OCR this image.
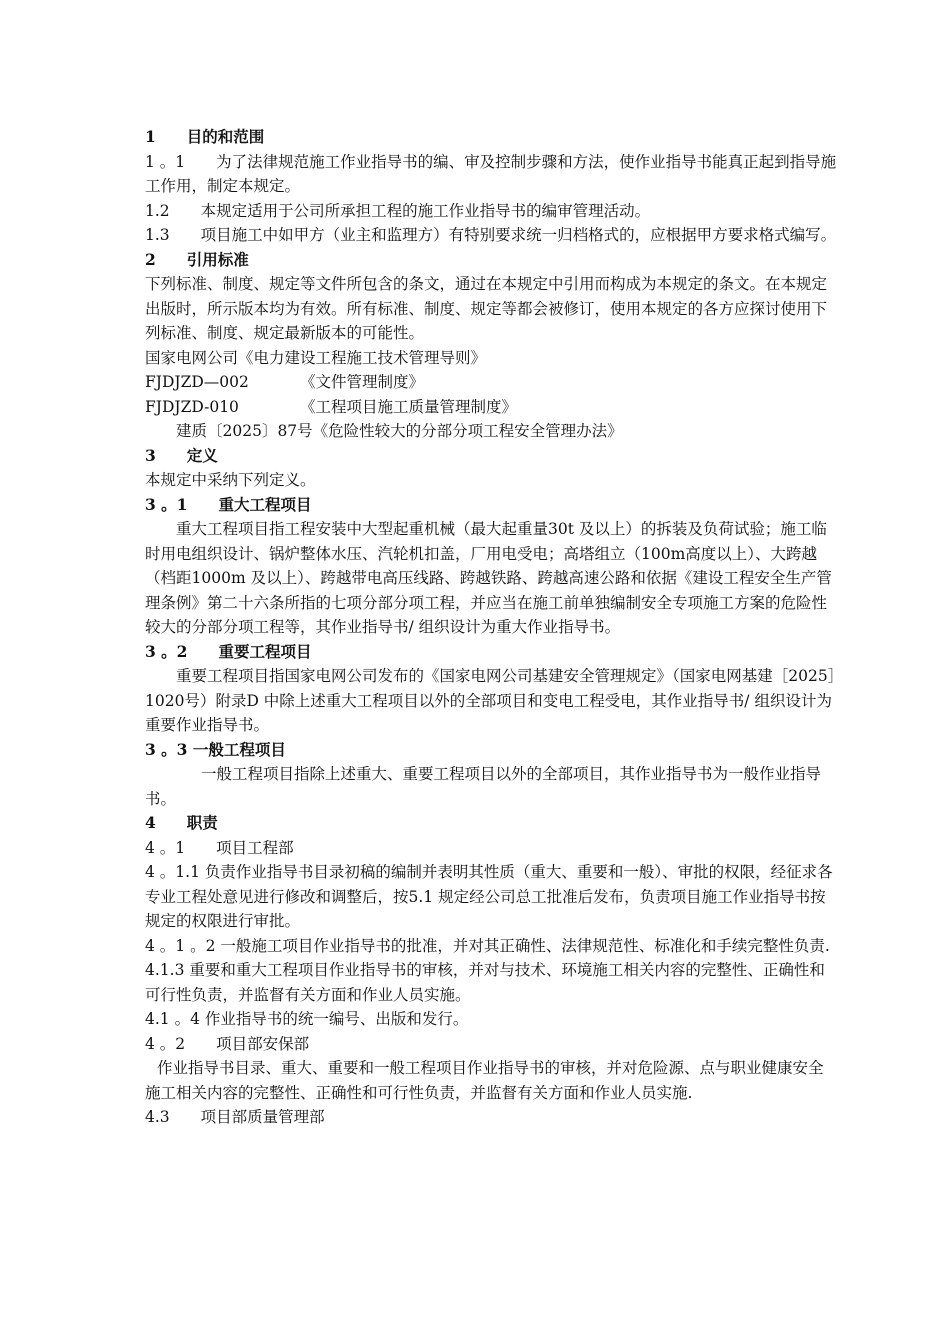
1　　目的和范围
1 。1　　为了法律规范施工作业指导书的编、审及控制步骤和方法，使作业指导书能真正起到指导施工作用，制定本规定。
1.2　　本规定适用于公司所承担工程的施工作业指导书的编审管理活动。
1.3　　项目施工中如甲方（业主和监理方）有特别要求统一归档格式的，应根据甲方要求格式编写。
2　　引用标准
下列标准、制度、规定等文件所包含的条文，通过在本规定中引用而构成为本规定的条文。在本规定出版时，所示版本均为有效。所有标准、制度、规定等都会被修订，使用本规定的各方应探讨使用下列标准、制度、规定最新版本的可能性。
国家电网公司《电力建设工程施工技术管理导则》
FJDJZD—002	《文件管理制度》
FJDJZD-010	《工程项目施工质量管理制度》
建质〔2025〕87号《危险性较大的分部分项工程安全管理办法》
3　　定义
本规定中采纳下列定义。
3 。1　　重大工程项目
重大工程项目指工程安装中大型起重机械（最大起重量30t 及以上）的拆装及负荷试验；施工临时用电组织设计、锅炉整体水压、汽轮机扣盖，厂用电受电；高塔组立（100m高度以上）、大跨越（档距1000m 及以上）、跨越带电高压线路、跨越铁路、跨越高速公路和依据《建设工程安全生产管理条例》第二十六条所指的七项分部分项工程，并应当在施工前单独编制安全专项施工方案的危险性较大的分部分项工程等，其作业指导书/ 组织设计为重大作业指导书。
3 。2　　重要工程项目
重要工程项目指国家电网公司发布的《国家电网公司基建安全管理规定》（国家电网基建［2025］1020号）附录D 中除上述重大工程项目以外的全部项目和变电工程受电，其作业指导书/ 组织设计为重要作业指导书。
3 。3 一般工程项目
一般工程项目指除上述重大、重要工程项目以外的全部项目，其作业指导书为一般作业指导书。
4　　职责
4 。1　　项目工程部
4 。1.1 负责作业指导书目录初稿的编制并表明其性质（重大、重要和一般）、审批的权限，经征求各专业工程处意见进行修改和调整后，按5.1 规定经公司总工批准后发布，负责项目施工作业指导书按规定的权限进行审批。
4 。1 。2 一般施工项目作业指导书的批准，并对其正确性、法律规范性、标准化和手续完整性负责.
4.1.3 重要和重大工程项目作业指导书的审核，并对与技术、环境施工相关内容的完整性、正确性和可行性负责，并监督有关方面和作业人员实施。
4.1 。4 作业指导书的统一编号、出版和发行。
4 。2　　项目部安保部
作业指导书目录、重大、重要和一般工程项目作业指导书的审核，并对危险源、点与职业健康安全施工相关内容的完整性、正确性和可行性负责，并监督有关方面和作业人员实施.
4.3　　项目部质量管理部
